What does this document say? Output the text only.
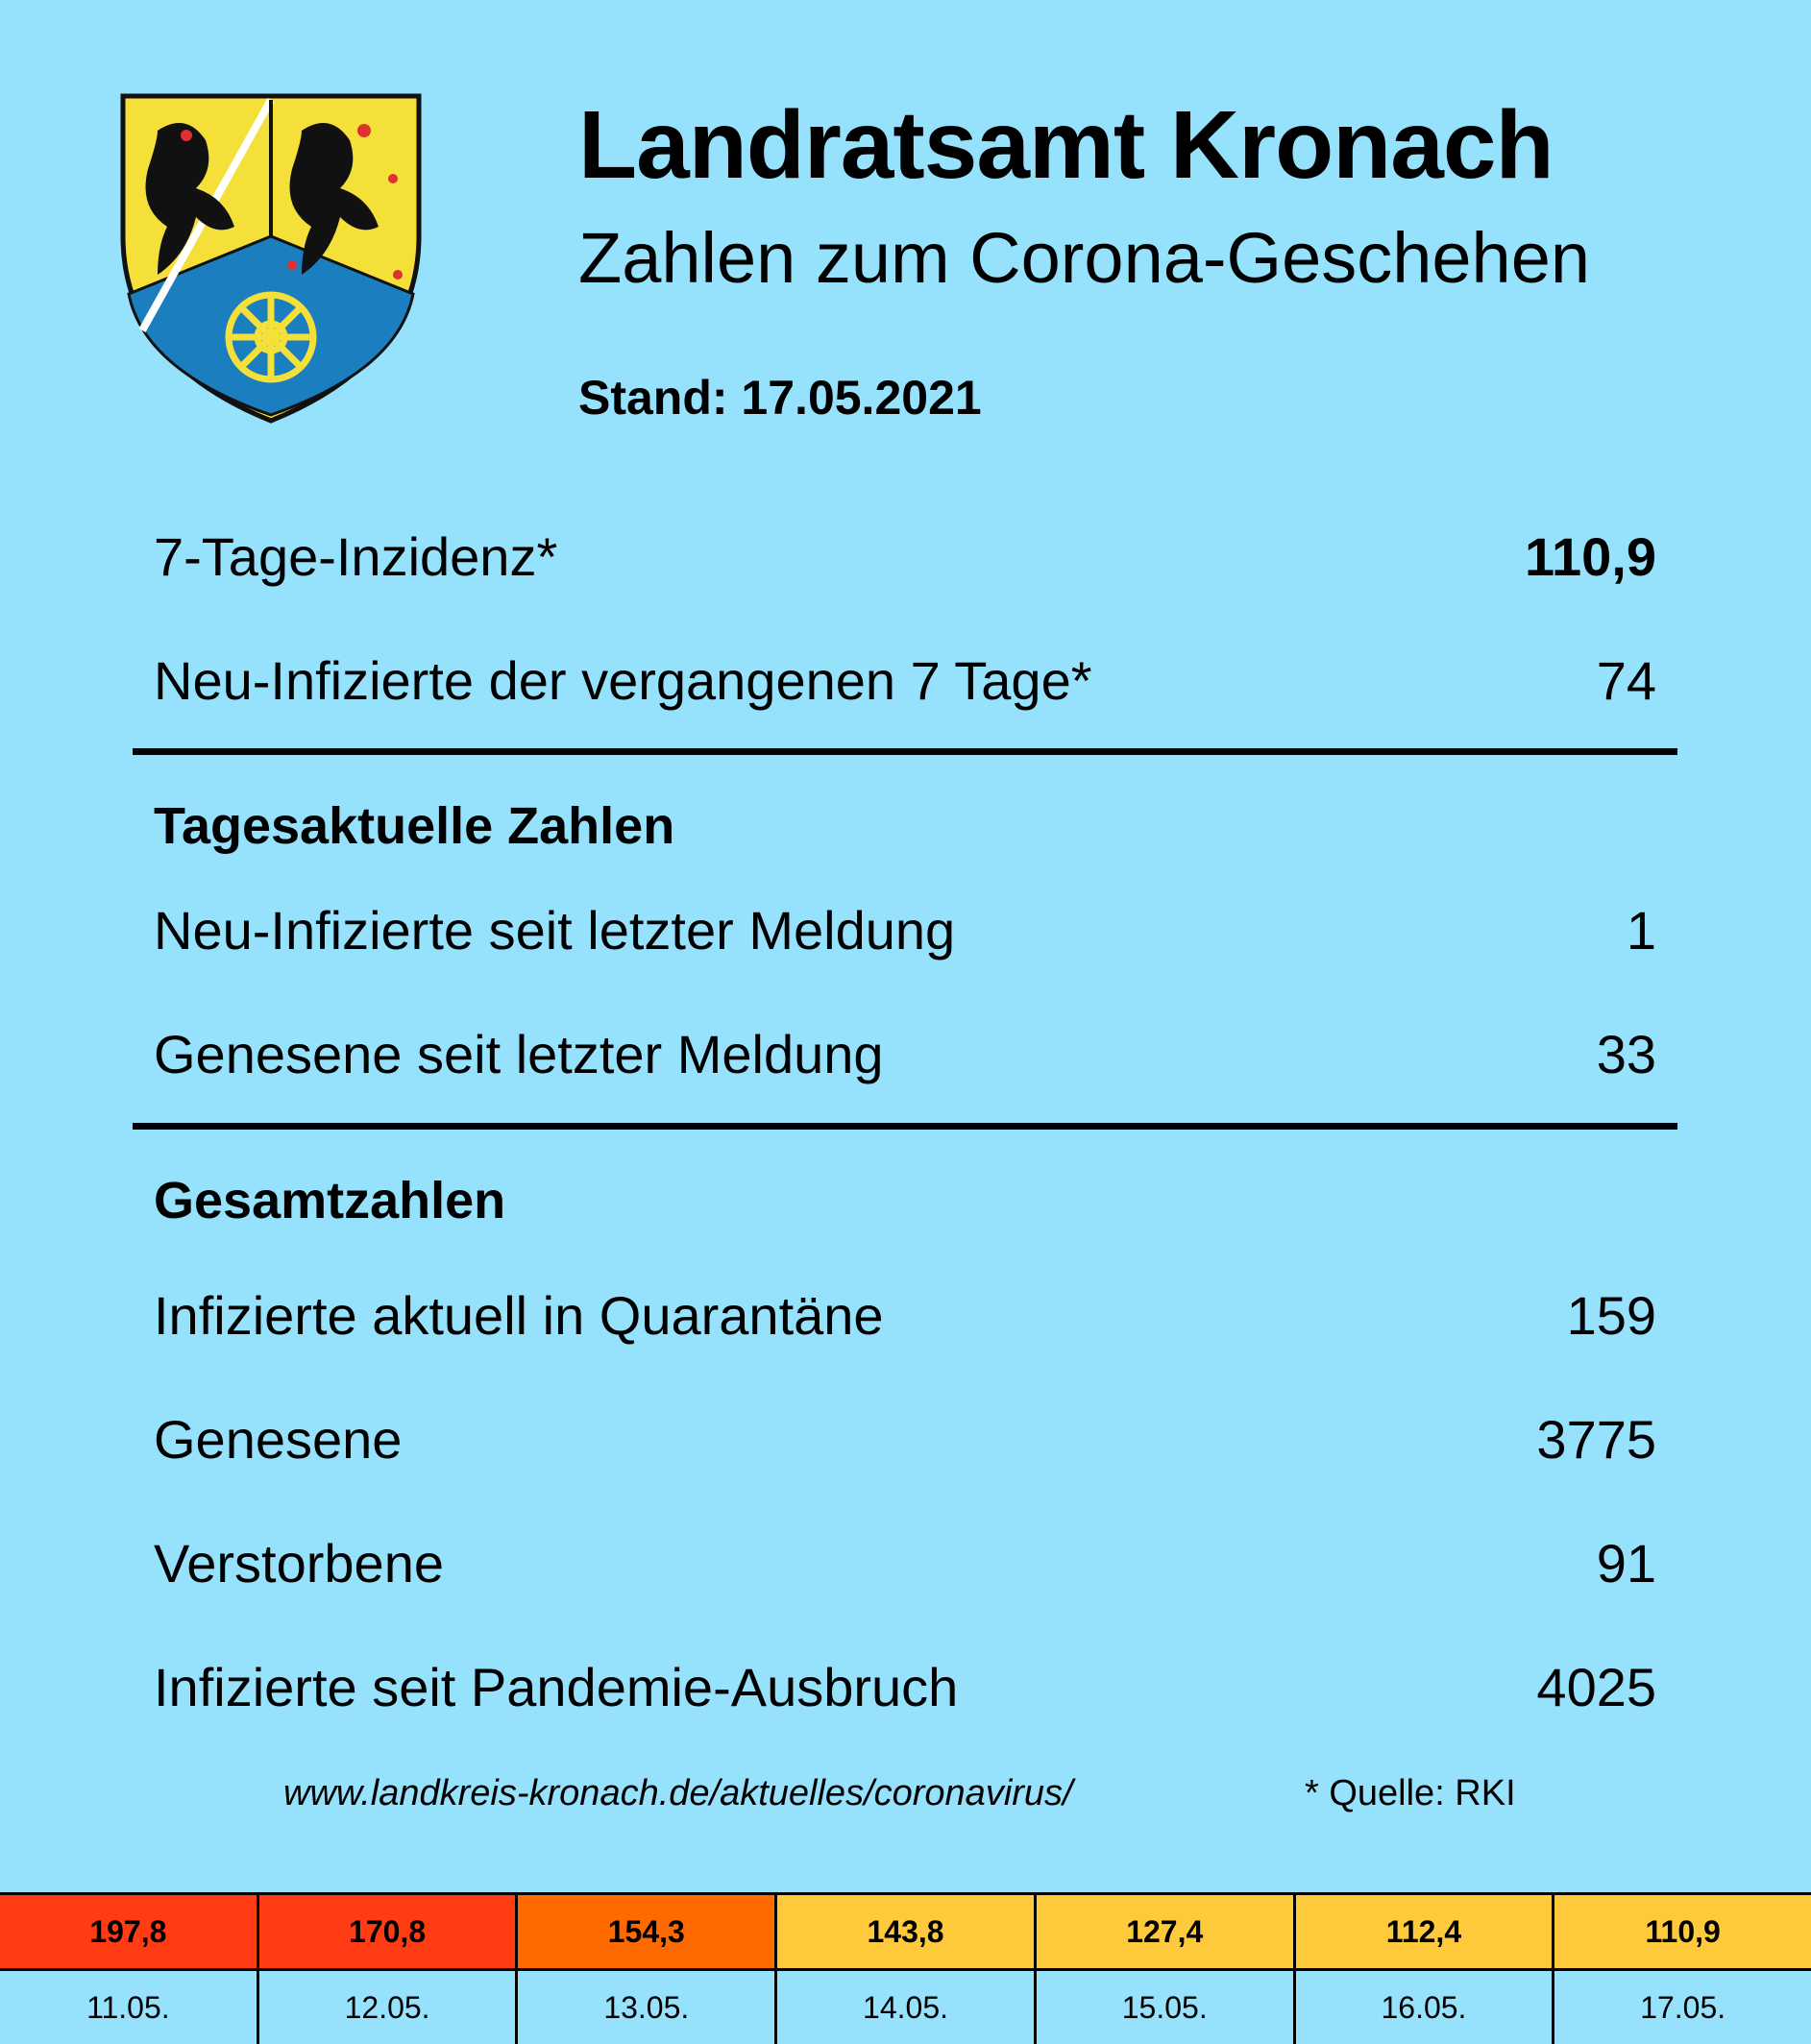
Landratsamt Kronach
Zahlen zum Corona-Geschehen
Stand: 17.05.2021
7-Tage-Inzidenz*	110,9
Neu-Infizierte der vergangenen 7 Tage*	74
Tagesaktuelle Zahlen
Neu-Infizierte seit letzter Meldung	1
Genesene seit letzter Meldung	33
Gesamtzahlen
Infizierte aktuell in Quarantäne	159
Genesene	3775
Verstorbene	91
Infizierte seit Pandemie-Ausbruch	4025
www.landkreis-kronach.de/aktuelles/coronavirus/	* Quelle: RKI
197,8	170,8	154,3	143,8	127,4	112,4	110,9
11.05.	12.05.	13.05.	14.05.	15.05.	16.05.	17.05.
